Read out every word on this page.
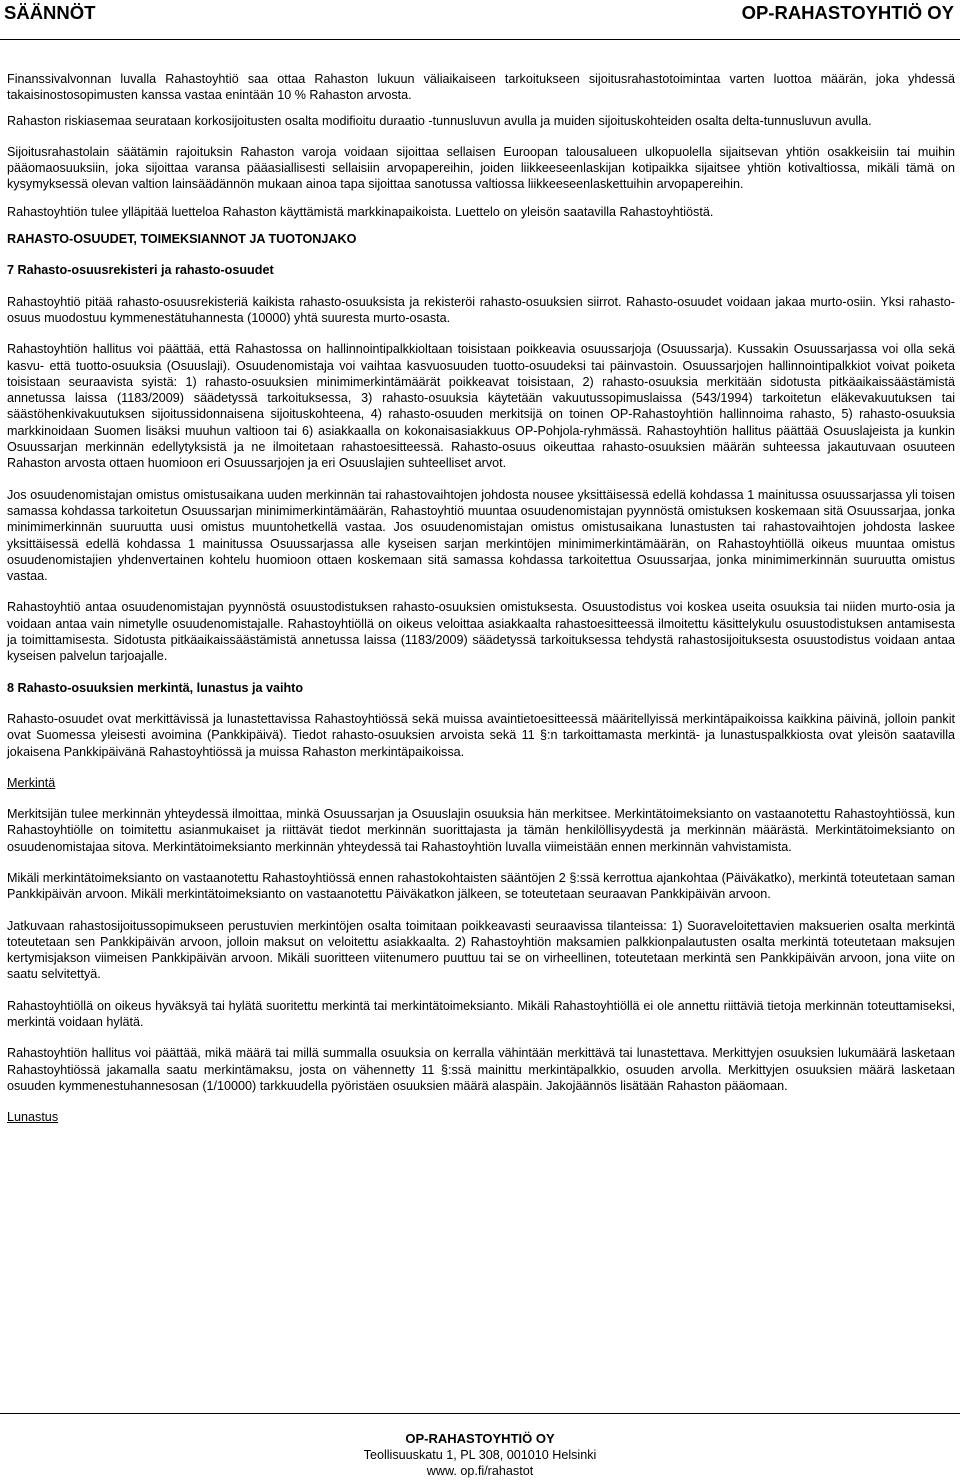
SÄÄNNÖT	OP-RAHASTOYHTIÖ OY

Finanssivalvonnan luvalla Rahastoyhtiö saa ottaa Rahaston lukuun väliaikaiseen tarkoitukseen sijoitusrahastotoimintaa varten luottoa määrän, joka yhdessä takaisinostosopimusten kanssa vastaa enintään 10 % Rahaston arvosta.

Rahaston riskiasemaa seurataan korkosijoitusten osalta modifioitu duraatio -tunnusluvun avulla ja muiden sijoituskohteiden osalta delta-tunnusluvun avulla.

Sijoitusrahastolain säätämin rajoituksin Rahaston varoja voidaan sijoittaa sellaisen Euroopan talousalueen ulkopuolella sijaitsevan yhtiön osakkeisiin tai muihin pääomaosuuksiin, joka sijoittaa varansa pääasiallisesti sellaisiin arvopapereihin, joiden liikkeeseenlaskijan kotipaikka sijaitsee yhtiön kotivaltiossa, mikäli tämä on kysymyksessä olevan valtion lainsäädännön mukaan ainoa tapa sijoittaa sanotussa valtiossa liikkeeseenlaskettuihin arvopapereihin.

Rahastoyhtiön tulee ylläpitää luetteloa Rahaston käyttämistä markkinapaikoista. Luettelo on yleisön saatavilla Rahastoyhtiöstä.

RAHASTO-OSUUDET, TOIMEKSIANNOT JA TUOTONJAKO

7 Rahasto-osuusrekisteri ja rahasto-osuudet

Rahastoyhtiö pitää rahasto-osuusrekisteriä kaikista rahasto-osuuksista ja rekisteröi rahasto-osuuksien siirrot. Rahasto-osuudet voidaan jakaa murto-osiin. Yksi rahasto-osuus muodostuu kymmenestätuhannesta (10000) yhtä suuresta murto-osasta.

Rahastoyhtiön hallitus voi päättää, että Rahastossa on hallinnointipalkkioltaan toisistaan poikkeavia osuussarjoja (Osuussarja). Kussakin Osuussarjassa voi olla sekä kasvu- että tuotto-osuuksia (Osuuslaji). Osuudenomistaja voi vaihtaa kasvuosuuden tuotto-osuudeksi tai päinvastoin. Osuussarjojen hallinnointipalkkiot voivat poiketa toisistaan seuraavista syistä: 1) rahasto-osuuksien minimimerkintämäärät poikkeavat toisistaan, 2) rahasto-osuuksia merkitään sidotusta pitkäaikaissäästämistä annetussa laissa (1183/2009) säädetyssä tarkoituksessa, 3) rahasto-osuuksia käytetään vakuutussopimuslaissa (543/1994) tarkoitetun eläkevakuutuksen tai säästöhenkivakuutuksen sijoitussidonnaisena sijoituskohteena, 4) rahasto-osuuden merkitsijä on toinen OP-Rahastoyhtiön hallinnoima rahasto, 5) rahasto-osuuksia markkinoidaan Suomen lisäksi muuhun valtioon tai 6) asiakkaalla on kokonaisasiakkuus OP-Pohjola-ryhmässä. Rahastoyhtiön hallitus päättää Osuuslajeista ja kunkin Osuussarjan merkinnän edellytyksistä ja ne ilmoitetaan rahastoesitteessä. Rahasto-osuus oikeuttaa rahasto-osuuksien määrän suhteessa jakautuvaan osuuteen Rahaston arvosta ottaen huomioon eri Osuussarjojen ja eri Osuuslajien suhteelliset arvot.

Jos osuudenomistajan omistus omistusaikana uuden merkinnän tai rahastovaihtojen johdosta nousee yksittäisessä edellä kohdassa 1 mainitussa osuussarjassa yli toisen samassa kohdassa tarkoitetun Osuussarjan minimimerkintämäärän, Rahastoyhtiö muuntaa osuudenomistajan pyynnöstä omistuksen koskemaan sitä Osuussarjaa, jonka minimimerkinnän suuruutta uusi omistus muuntohetkellä vastaa. Jos osuudenomistajan omistus omistusaikana lunastusten tai rahastovaihtojen johdosta laskee yksittäisessä edellä kohdassa 1 mainitussa Osuussarjassa alle kyseisen sarjan merkintöjen minimimerkintämäärän, on Rahastoyhtiöllä oikeus muuntaa omistus osuudenomistajien yhdenvertainen kohtelu huomioon ottaen koskemaan sitä samassa kohdassa tarkoitettua Osuussarjaa, jonka minimimerkinnän suuruutta omistus vastaa.

Rahastoyhtiö antaa osuudenomistajan pyynnöstä osuustodistuksen rahasto-osuuksien omistuksesta. Osuustodistus voi koskea useita osuuksia tai niiden murto-osia ja voidaan antaa vain nimetylle osuudenomistajalle. Rahastoyhtiöllä on oikeus veloittaa asiakkaalta rahastoesitteessä ilmoitettu käsittelykulu osuustodistuksen antamisesta ja toimittamisesta. Sidotusta pitkäaikaissäästämistä annetussa laissa (1183/2009) säädetyssä tarkoituksessa tehdystä rahastosijoituksesta osuustodistus voidaan antaa kyseisen palvelun tarjoajalle.

8 Rahasto-osuuksien merkintä, lunastus ja vaihto

Rahasto-osuudet ovat merkittävissä ja lunastettavissa Rahastoyhtiössä sekä muissa avaintietoesitteessä määritellyissä merkintäpaikoissa kaikkina päivinä, jolloin pankit ovat Suomessa yleisesti avoimina (Pankkipäivä). Tiedot rahasto-osuuksien arvoista sekä 11 §:n tarkoittamasta merkintä- ja lunastuspalkkiosta ovat yleisön saatavilla jokaisena Pankkipäivänä Rahastoyhtiössä ja muissa Rahaston merkintäpaikoissa.

Merkintä

Merkitsijän tulee merkinnän yhteydessä ilmoittaa, minkä Osuussarjan ja Osuuslajin osuuksia hän merkitsee. Merkintätoimeksianto on vastaanotettu Rahastoyhtiössä, kun Rahastoyhtiölle on toimitettu asianmukaiset ja riittävät tiedot merkinnän suorittajasta ja tämän henkilöllisyydestä ja merkinnän määrästä. Merkintätoimeksianto on osuudenomistajaa sitova. Merkintätoimeksianto merkinnän yhteydessä tai Rahastoyhtiön luvalla viimeistään ennen merkinnän vahvistamista.

Mikäli merkintätoimeksianto on vastaanotettu Rahastoyhtiössä ennen rahastokohtaisten sääntöjen 2 §:ssä kerrottua ajankohtaa (Päiväkatko), merkintä toteutetaan saman Pankkipäivän arvoon. Mikäli merkintätoimeksianto on vastaanotettu Päiväkatkon jälkeen, se toteutetaan seuraavan Pankkipäivän arvoon.

Jatkuvaan rahastosijoitussopimukseen perustuvien merkintöjen osalta toimitaan poikkeavasti seuraavissa tilanteissa: 1) Suoraveloitettavien maksuerien osalta merkintä toteutetaan sen Pankkipäivän arvoon, jolloin maksut on veloitettu asiakkaalta. 2) Rahastoyhtiön maksamien palkkionpalautusten osalta merkintä toteutetaan maksujen kertymisjakson viimeisen Pankkipäivän arvoon. Mikäli suoritteen viitenumero puuttuu tai se on virheellinen, toteutetaan merkintä sen Pankkipäivän arvoon, jona viite on saatu selvitettyä.

Rahastoyhtiöllä on oikeus hyväksyä tai hylätä suoritettu merkintä tai merkintätoimeksianto. Mikäli Rahastoyhtiöllä ei ole annettu riittäviä tietoja merkinnän toteuttamiseksi, merkintä voidaan hylätä.

Rahastoyhtiön hallitus voi päättää, mikä määrä tai millä summalla osuuksia on kerralla vähintään merkittävä tai lunastettava. Merkittyjen osuuksien lukumäärä lasketaan Rahastoyhtiössä jakamalla saatu merkintämaksu, josta on vähennetty 11 §:ssä mainittu merkintäpalkkio, osuuden arvolla. Merkittyjen osuuksien määrä lasketaan osuuden kymmenestuhannesosan (1/10000) tarkkuudella pyöristäen osuuksien määrä alaspäin. Jakojäännös lisätään Rahaston pääomaan.

Lunastus
OP-RAHASTOYHTIÖ OY
Teollisuuskatu 1, PL 308, 001010 Helsinki
www. op.fi/rahastot
